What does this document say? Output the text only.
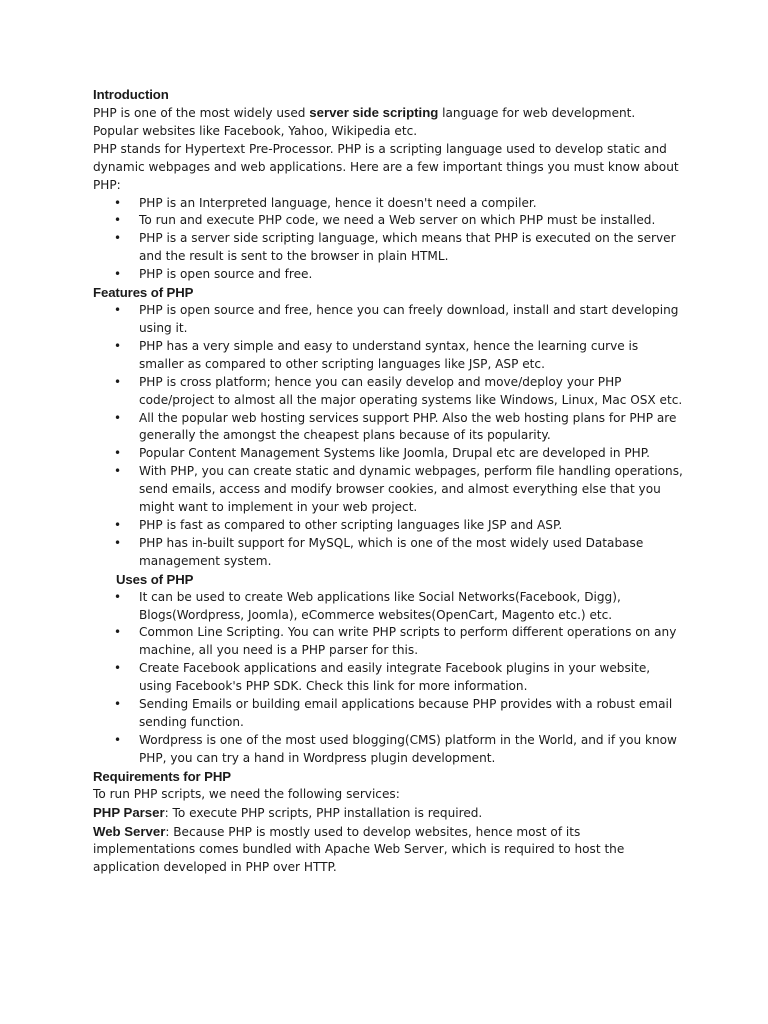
Introduction

PHP is one of the most widely used server side scripting language for web development.

Popular websites like Facebook, Yahoo, Wikipedia etc.

PHP stands for Hypertext Pre-Processor. PHP is a scripting language used to develop static and dynamic webpages and web applications. Here are a few important things you must know about PHP:

• PHP is an Interpreted language, hence it doesn't need a compiler.
• To run and execute PHP code, we need a Web server on which PHP must be installed.
• PHP is a server side scripting language, which means that PHP is executed on the server and the result is sent to the browser in plain HTML.
• PHP is open source and free.
Features of PHP
• PHP is open source and free, hence you can freely download, install and start developing using it.
• PHP has a very simple and easy to understand syntax, hence the learning curve is smaller as compared to other scripting languages like JSP, ASP etc.
• PHP is cross platform; hence you can easily develop and move/deploy your PHP code/project to almost all the major operating systems like Windows, Linux, Mac OSX etc.
• All the popular web hosting services support PHP. Also the web hosting plans for PHP are generally the amongst the cheapest plans because of its popularity.
• Popular Content Management Systems like Joomla, Drupal etc are developed in PHP.
• With PHP, you can create static and dynamic webpages, perform file handling operations, send emails, access and modify browser cookies, and almost everything else that you might want to implement in your web project.
• PHP is fast as compared to other scripting languages like JSP and ASP.
• PHP has in-built support for MySQL, which is one of the most widely used Database management system.
Uses of PHP
• It can be used to create Web applications like Social Networks(Facebook, Digg), Blogs(Wordpress, Joomla), eCommerce websites(OpenCart, Magento etc.) etc.
• Common Line Scripting. You can write PHP scripts to perform different operations on any machine, all you need is a PHP parser for this.
• Create Facebook applications and easily integrate Facebook plugins in your website, using Facebook's PHP SDK. Check this link for more information.
• Sending Emails or building email applications because PHP provides with a robust email sending function.
• Wordpress is one of the most used blogging(CMS) platform in the World, and if you know PHP, you can try a hand in Wordpress plugin development.
Requirements for PHP

To run PHP scripts, we need the following services:

PHP Parser: To execute PHP scripts, PHP installation is required.

Web Server: Because PHP is mostly used to develop websites, hence most of its implementations comes bundled with Apache Web Server, which is required to host the application developed in PHP over HTTP.
